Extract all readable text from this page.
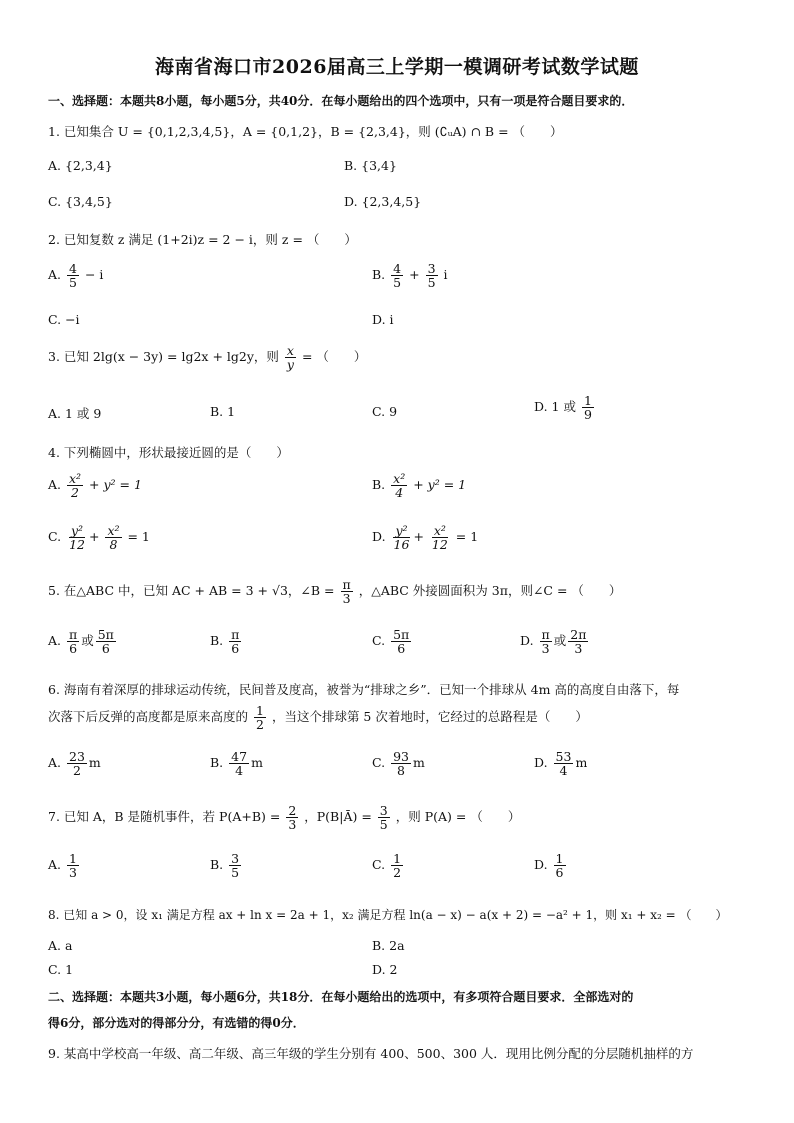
海南省海口市2026届高三上学期一模调研考试数学试题
一、选择题：本题共8小题，每小题5分，共40分．在每小题给出的四个选项中，只有一项是符合题目要求的．
1. 已知集合 U = {0,1,2,3,4,5}，A = {0,1,2}，B = {2,3,4}，则 (∁ᵤA) ∩ B = （　　）
A. {2,3,4}	B. {3,4}
C. {3,4,5}	D. {2,3,4,5}
2. 已知复数 z 满足 (1+2i)z = 2 − i，则 z = （　　）
A. $\frac{4}{5} - i$	B. $\frac{4}{5} + \frac{3}{5}$ i
C. −i	D. i
3. 已知 2lg(x − 3y) = lg2x + lg2y，则 $\frac{x}{y}$ = （　　）
A. 1 或 9	B. 1	C. 9	D. 1 或 $\frac{1}{9}$
4. 下列椭圆中，形状最接近圆的是（　　）
A. $\frac{\text{x²}}{2} + y^2 = 1$	B. $\frac{\text{x²}}{4} + y^2 = 1$
C. $\frac{\text{y²}}{12} + \frac{\text{x²}}{8} = 1$	D. $\frac{\text{y²}}{16} + \frac{\text{x²}}{12} = 1$
5. 在△ABC 中，已知 AC + AB = 3 + √3，∠B = $\frac{\pi}{3}$ ，△ABC 外接圆面积为 3π，则∠C = （　　）
A. $\frac{\pi}{6}$ 或 $\frac{5\pi}{6}$	B. $\frac{\pi}{6}$	C. $\frac{5\pi}{6}$	D. $\frac{\pi}{3}$ 或 $\frac{2\pi}{3}$
6. 海南有着深厚的排球运动传统，民间普及度高，被誉为“排球之乡”．已知一个排球从 4m 高的高度自由落下，每
次落下后反弹的高度都是原来高度的 $\frac{1}{2}$ ，当这个排球第 5 次着地时，它经过的总路程是（　　）
A. $\frac{23}{2}$ m	B. $\frac{47}{4}$ m	C. $\frac{93}{8}$ m	D. $\frac{53}{4}$ m
7. 已知 A，B 是随机事件，若 $P(A+B) = \frac{2}{3}$ ，P(B|Ā) = $\frac{3}{5}$ ，则 P(A) = （　　）
A. $\frac{1}{3}$	B. $\frac{3}{5}$	C. $\frac{1}{2}$	D. $\frac{1}{6}$
8. 已知 a > 0，设 x₁ 满足方程 ax + ln x = 2a + 1，x₂ 满足方程 ln(a − x) − a(x + 2) = −a² + 1，则 x₁ + x₂ = （　　）
A. a	B. 2a
C. 1	D. 2
二、选择题：本题共3小题，每小题6分，共18分．在每小题给出的选项中，有多项符合题目要求．全部选对的
得6分，部分选对的得部分分，有选错的得0分．
9. 某高中学校高一年级、高二年级、高三年级的学生分别有 400、500、300 人．现用比例分配的分层随机抽样的方
